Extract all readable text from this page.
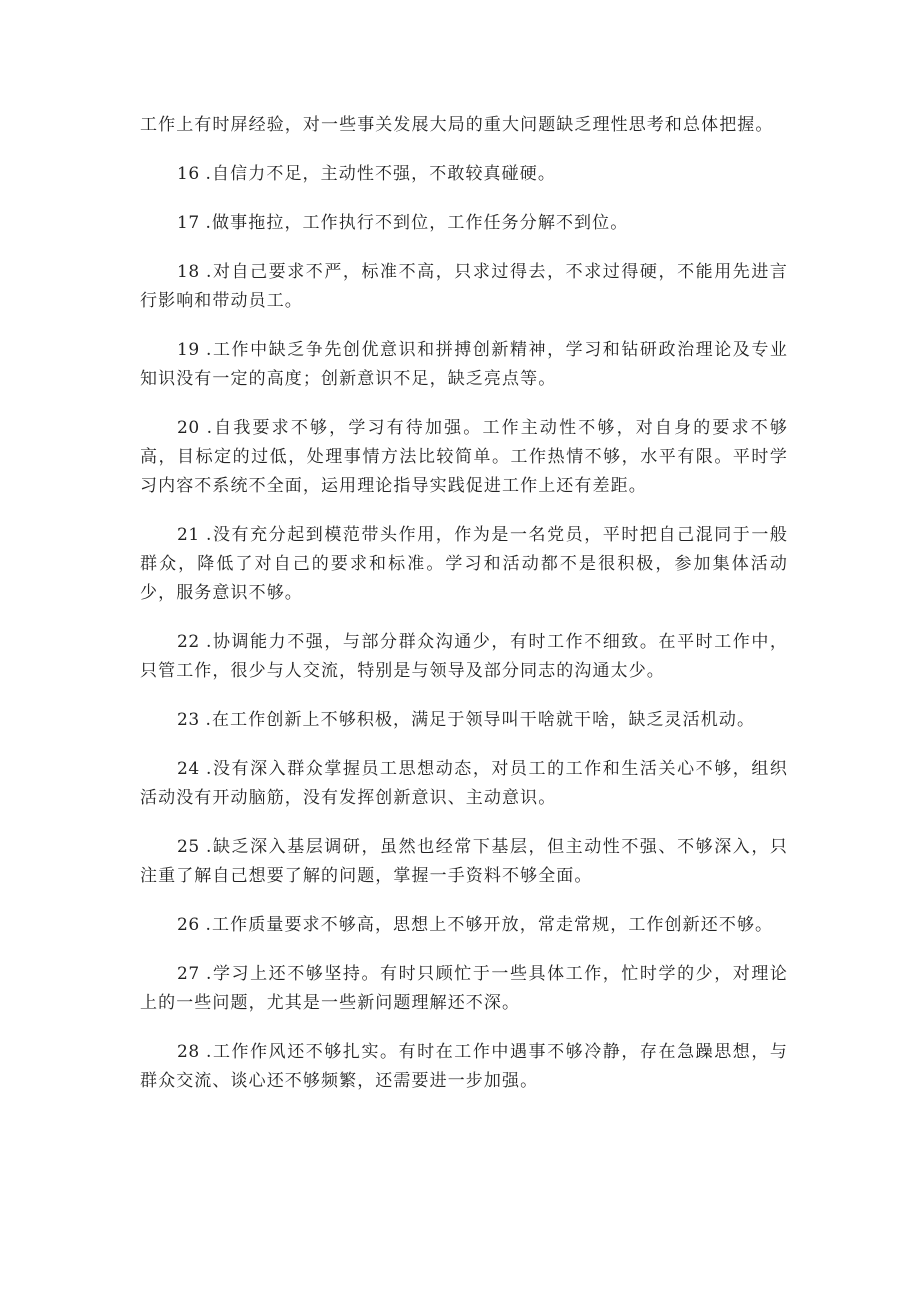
工作上有时屏经验，对一些事关发展大局的重大问题缺乏理性思考和总体把握。

16 .自信力不足，主动性不强，不敢较真碰硬。

17 .做事拖拉，工作执行不到位，工作任务分解不到位。

18 .对自己要求不严，标准不高，只求过得去，不求过得硬，不能用先进言行影响和带动员工。

19 .工作中缺乏争先创优意识和拼搏创新精神，学习和钻研政治理论及专业知识没有一定的高度；创新意识不足，缺乏亮点等。

20 .自我要求不够，学习有待加强。工作主动性不够，对自身的要求不够高，目标定的过低，处理事情方法比较简单。工作热情不够，水平有限。平时学习内容不系统不全面，运用理论指导实践促进工作上还有差距。

21 .没有充分起到模范带头作用，作为是一名党员，平时把自己混同于一般群众，降低了对自己的要求和标准。学习和活动都不是很积极，参加集体活动少，服务意识不够。

22 .协调能力不强，与部分群众沟通少，有时工作不细致。在平时工作中，只管工作，很少与人交流，特别是与领导及部分同志的沟通太少。

23 .在工作创新上不够积极，满足于领导叫干啥就干啥，缺乏灵活机动。

24 .没有深入群众掌握员工思想动态，对员工的工作和生活关心不够，组织活动没有开动脑筋，没有发挥创新意识、主动意识。

25 .缺乏深入基层调研，虽然也经常下基层，但主动性不强、不够深入，只注重了解自己想要了解的问题，掌握一手资料不够全面。

26 .工作质量要求不够高，思想上不够开放，常走常规，工作创新还不够。

27 .学习上还不够坚持。有时只顾忙于一些具体工作，忙时学的少，对理论上的一些问题，尤其是一些新问题理解还不深。

28 .工作作风还不够扎实。有时在工作中遇事不够冷静，存在急躁思想，与群众交流、谈心还不够频繁，还需要进一步加强。
